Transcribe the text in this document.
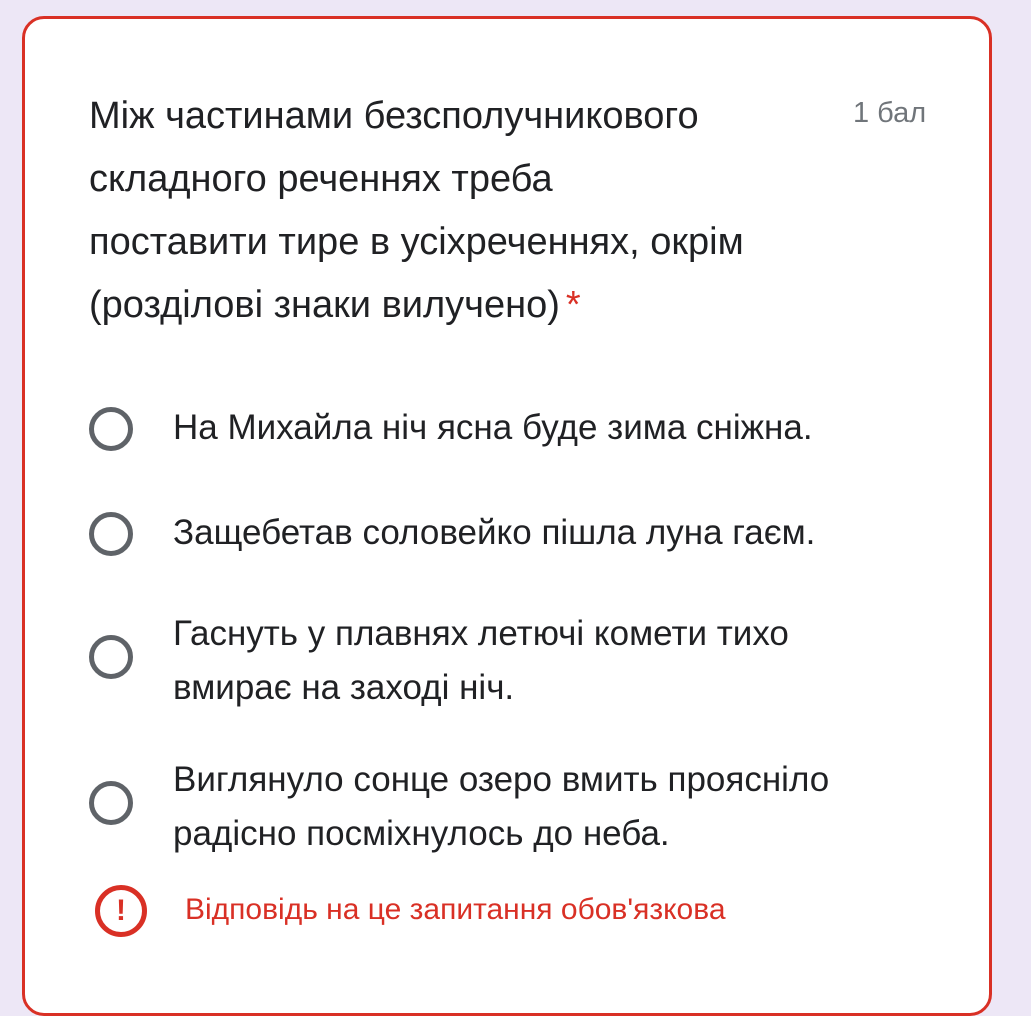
Між частинами безсполучникового
складного реченнях треба
поставити тире в усіхреченнях, окрім
(розділові знаки вилучено) *
1 бал
На Михайла ніч ясна буде зима сніжна.
Защебетав соловейко пішла луна гаєм.
Гаснуть у плавнях летючі комети тихо
вмирає на заході ніч.
Виглянуло сонце озеро вмить проясніло
радісно посміхнулось до неба.
!	Відповідь на це запитання обов'язкова
